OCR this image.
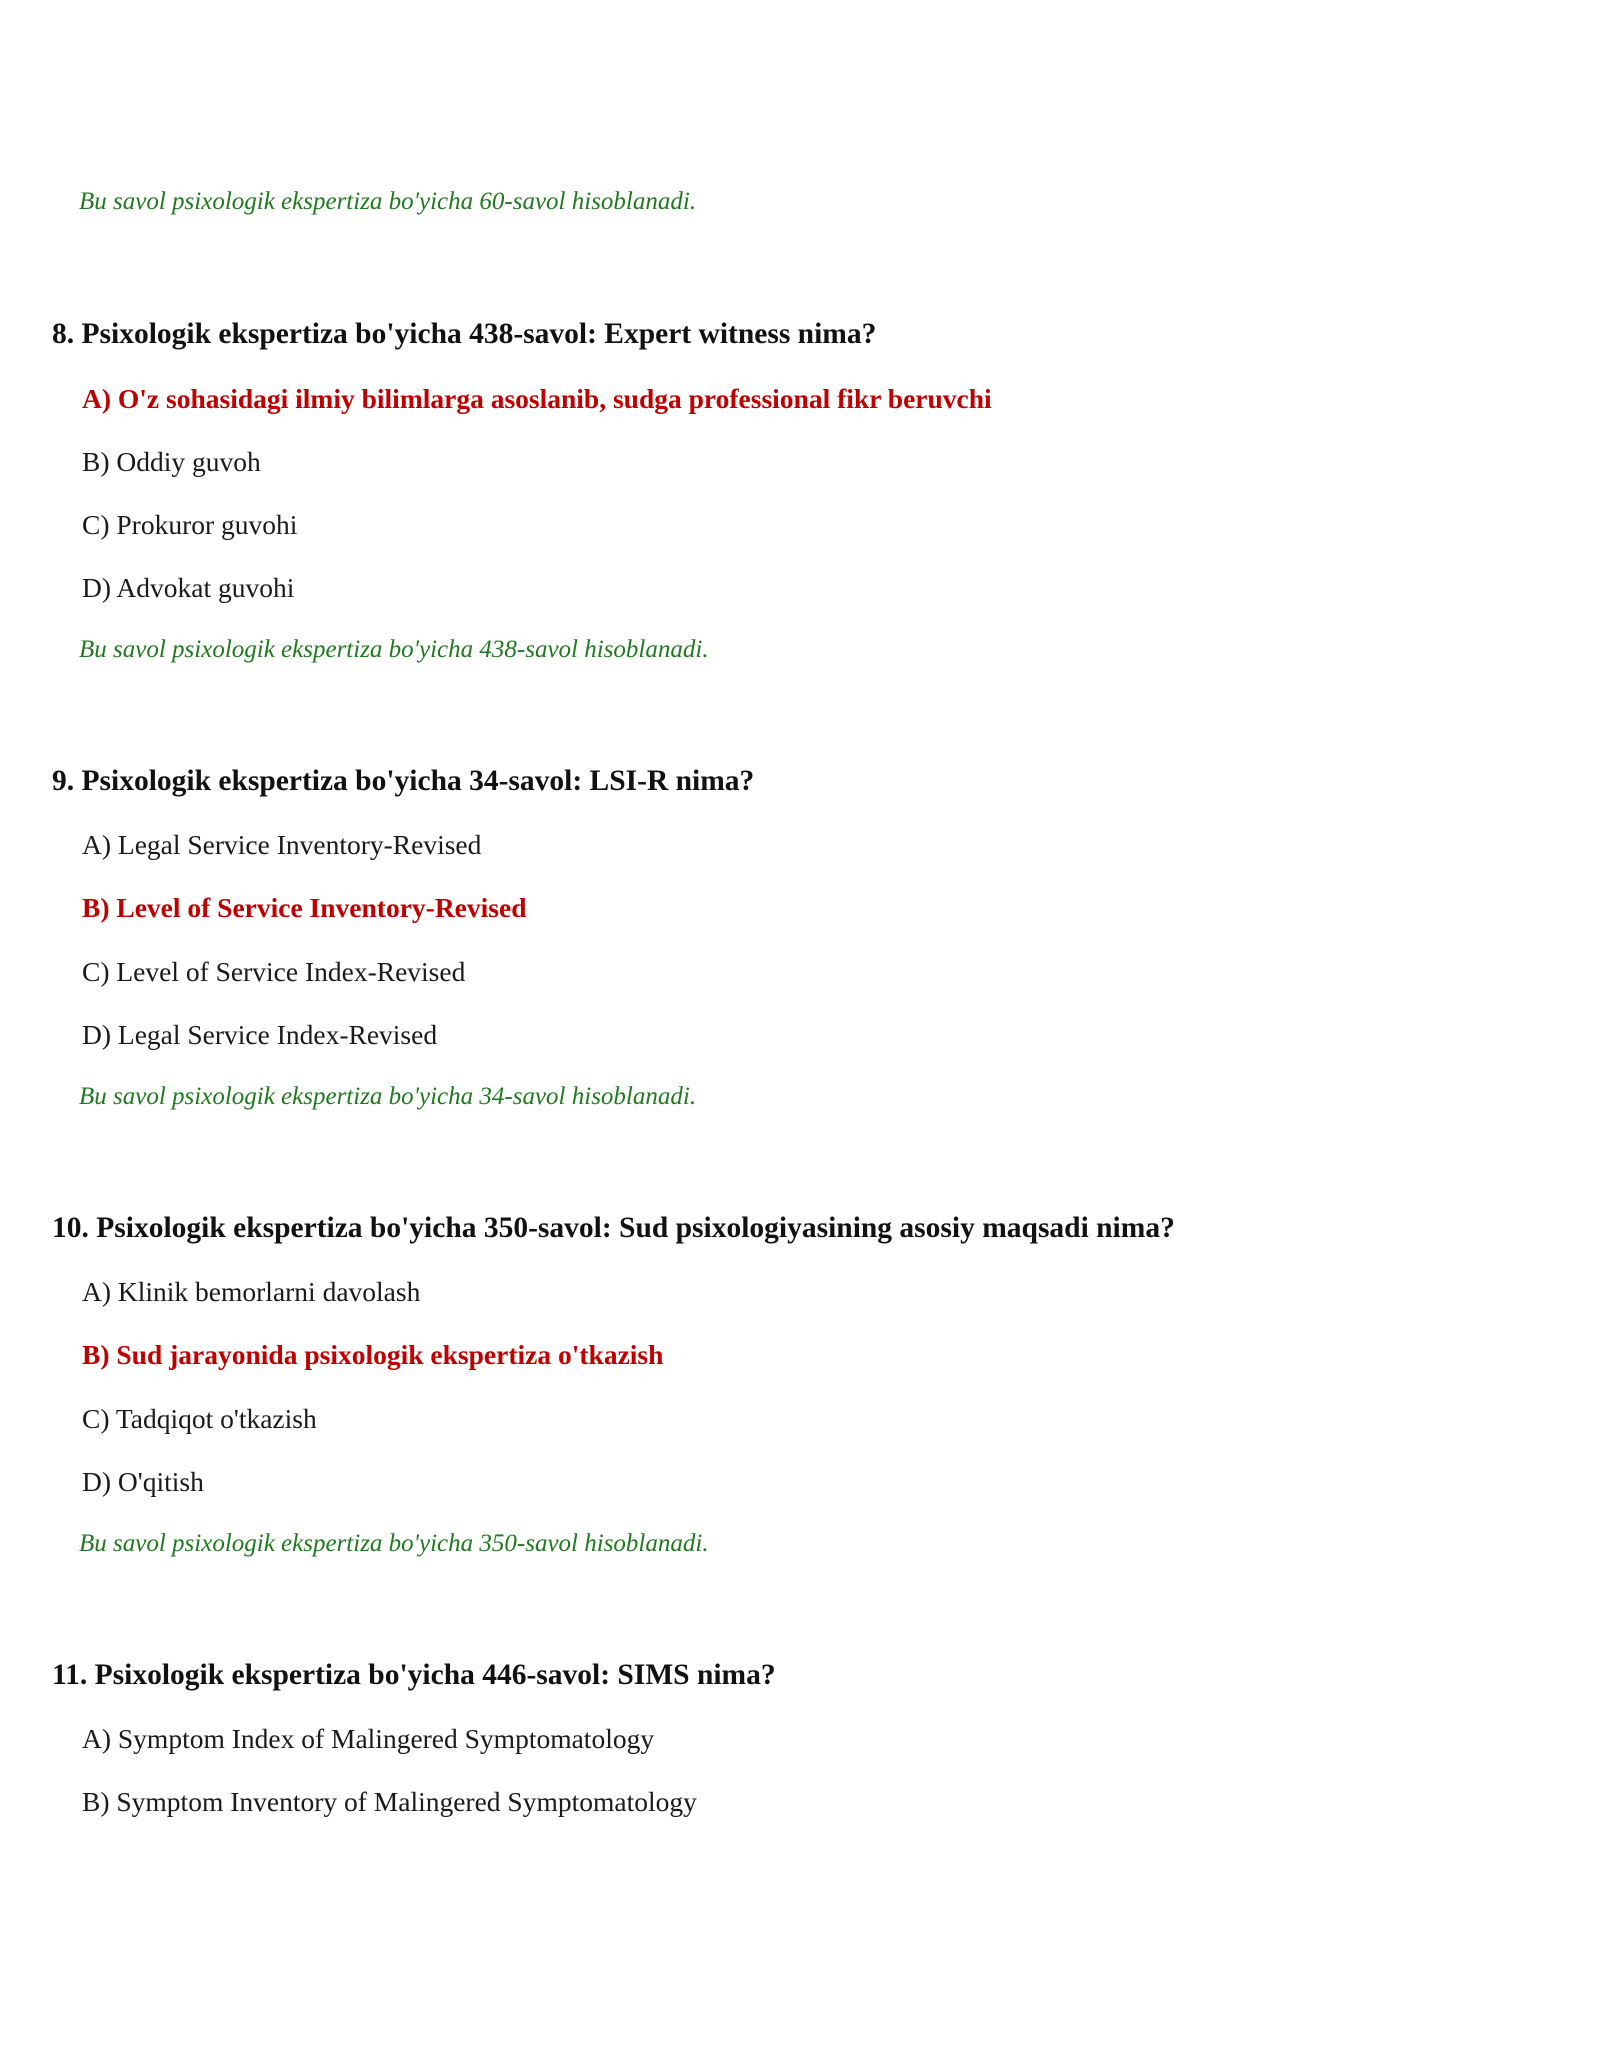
Bu savol psixologik ekspertiza bo'yicha 60-savol hisoblanadi.
8. Psixologik ekspertiza bo'yicha 438-savol: Expert witness nima?
A) O'z sohasidagi ilmiy bilimlarga asoslanib, sudga professional fikr beruvchi
B) Oddiy guvoh
C) Prokuror guvohi
D) Advokat guvohi
Bu savol psixologik ekspertiza bo'yicha 438-savol hisoblanadi.
9. Psixologik ekspertiza bo'yicha 34-savol: LSI-R nima?
A) Legal Service Inventory-Revised
B) Level of Service Inventory-Revised
C) Level of Service Index-Revised
D) Legal Service Index-Revised
Bu savol psixologik ekspertiza bo'yicha 34-savol hisoblanadi.
10. Psixologik ekspertiza bo'yicha 350-savol: Sud psixologiyasining asosiy maqsadi nima?
A) Klinik bemorlarni davolash
B) Sud jarayonida psixologik ekspertiza o'tkazish
C) Tadqiqot o'tkazish
D) O'qitish
Bu savol psixologik ekspertiza bo'yicha 350-savol hisoblanadi.
11. Psixologik ekspertiza bo'yicha 446-savol: SIMS nima?
A) Symptom Index of Malingered Symptomatology
B) Symptom Inventory of Malingered Symptomatology
